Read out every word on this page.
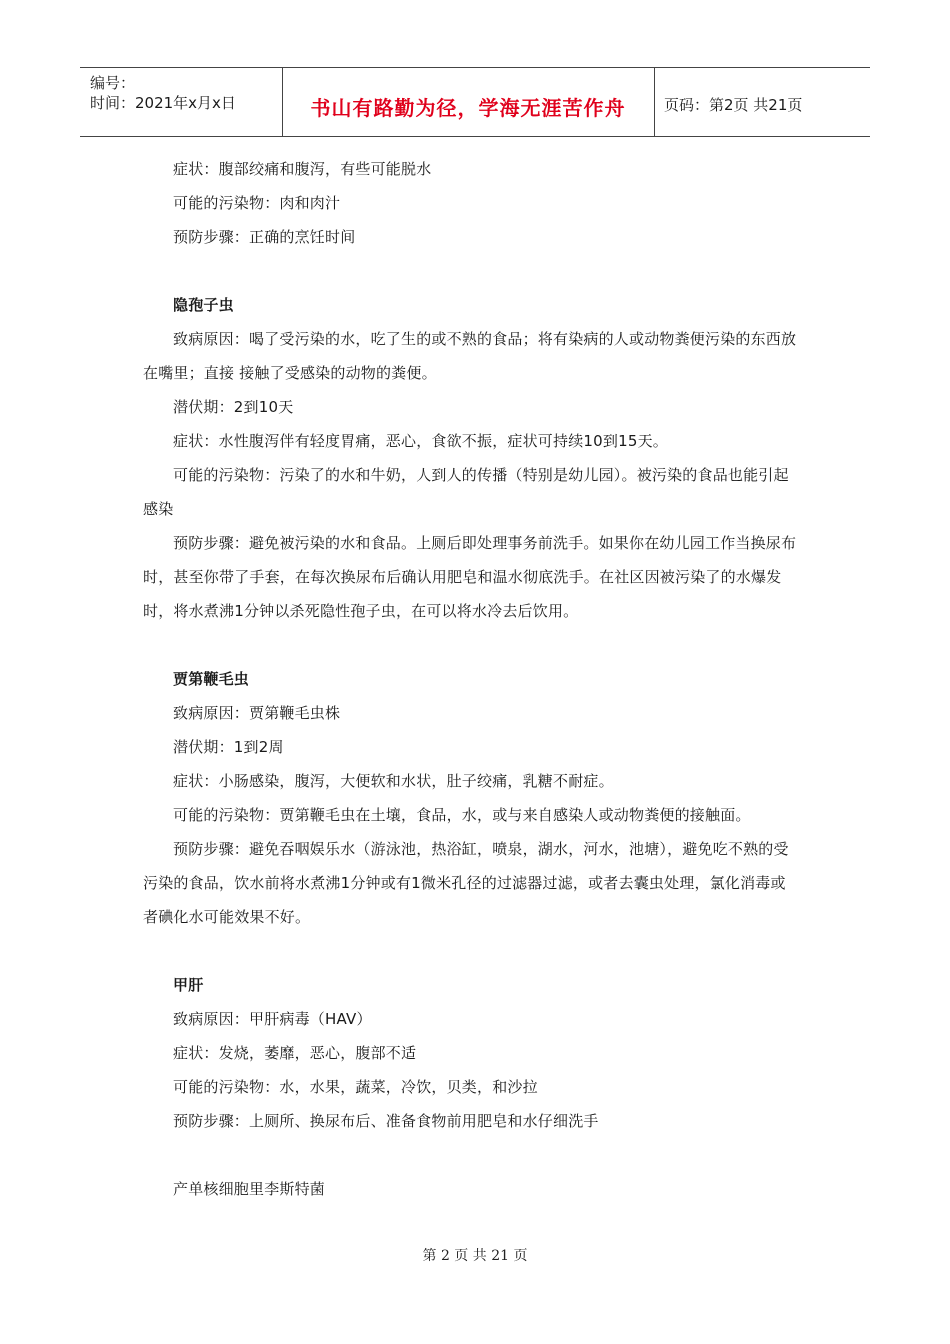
编号：
时间：2021年x月x日	书山有路勤为径，学海无涯苦作舟	页码：第2页 共21页

症状：腹部绞痛和腹泻，有些可能脱水

可能的污染物：肉和肉汁

预防步骤：正确的烹饪时间

隐孢子虫

致病原因：喝了受污染的水，吃了生的或不熟的食品；将有染病的人或动物粪便污染的东西放在嘴里；直接 接触了受感染的动物的粪便。

潜伏期：2到10天

症状：水性腹泻伴有轻度胃痛，恶心，食欲不振，症状可持续10到15天。

可能的污染物：污染了的水和牛奶，人到人的传播（特别是幼儿园）。被污染的食品也能引起感染

预防步骤：避免被污染的水和食品。上厕后即处理事务前洗手。如果你在幼儿园工作当换尿布时，甚至你带了手套，在每次换尿布后确认用肥皂和温水彻底洗手。在社区因被污染了的水爆发时，将水煮沸1分钟以杀死隐性孢子虫，在可以将水冷去后饮用。

贾第鞭毛虫

致病原因：贾第鞭毛虫株

潜伏期：1到2周

症状：小肠感染，腹泻，大便软和水状，肚子绞痛，乳糖不耐症。

可能的污染物：贾第鞭毛虫在土壤，食品，水，或与来自感染人或动物粪便的接触面。

预防步骤：避免吞咽娱乐水（游泳池，热浴缸，喷泉，湖水，河水，池塘），避免吃不熟的受污染的食品，饮水前将水煮沸1分钟或有1微米孔径的过滤器过滤，或者去囊虫处理，氯化消毒或者碘化水可能效果不好。

甲肝

致病原因：甲肝病毒（HAV）

症状：发烧，萎靡，恶心，腹部不适

可能的污染物：水，水果，蔬菜，冷饮，贝类，和沙拉

预防步骤：上厕所、换尿布后、准备食物前用肥皂和水仔细洗手

产单核细胞里李斯特菌

第 2 页 共 21 页
